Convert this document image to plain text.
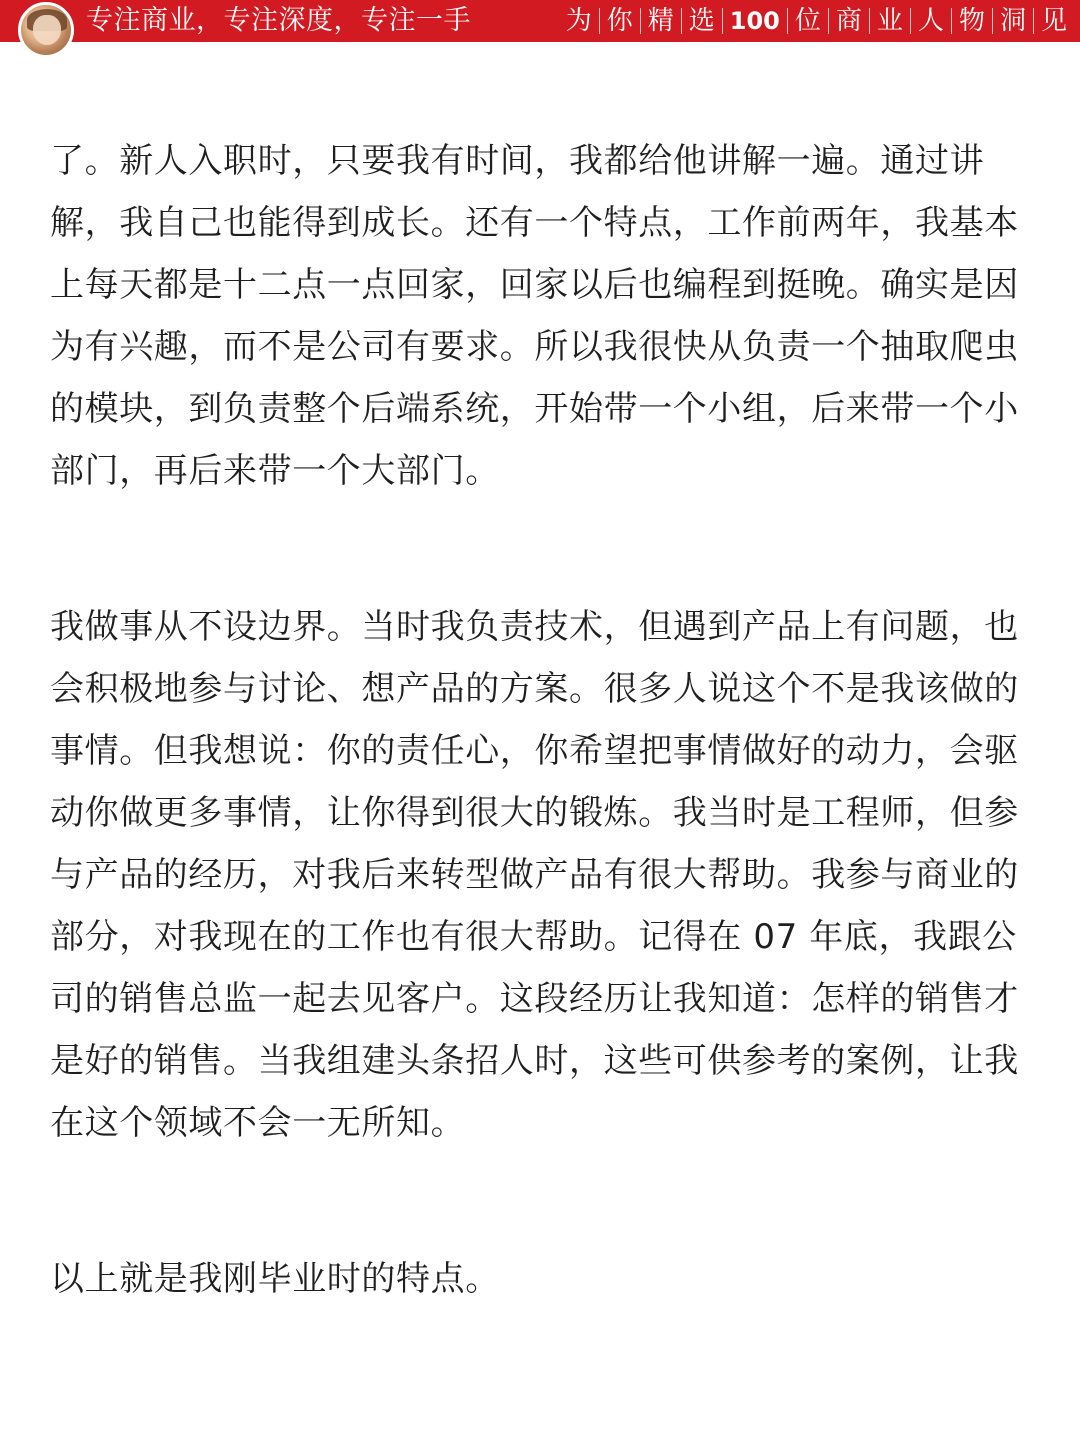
专注商业，专注深度，专注一手	为 你 精 选 100 位 商 业 人 物 洞 见

了。新人入职时，只要我有时间，我都给他讲解一遍。通过讲解，我自己也能得到成长。还有一个特点，工作前两年，我基本上每天都是十二点一点回家，回家以后也编程到挺晚。确实是因为有兴趣，而不是公司有要求。所以我很快从负责一个抽取爬虫的模块，到负责整个后端系统，开始带一个小组，后来带一个小部门，再后来带一个大部门。

我做事从不设边界。当时我负责技术，但遇到产品上有问题，也会积极地参与讨论、想产品的方案。很多人说这个不是我该做的事情。但我想说：你的责任心，你希望把事情做好的动力，会驱动你做更多事情，让你得到很大的锻炼。我当时是工程师，但参与产品的经历，对我后来转型做产品有很大帮助。我参与商业的部分，对我现在的工作也有很大帮助。记得在 07 年底，我跟公司的销售总监一起去见客户。这段经历让我知道：怎样的销售才是好的销售。当我组建头条招人时，这些可供参考的案例，让我在这个领域不会一无所知。

以上就是我刚毕业时的特点。
